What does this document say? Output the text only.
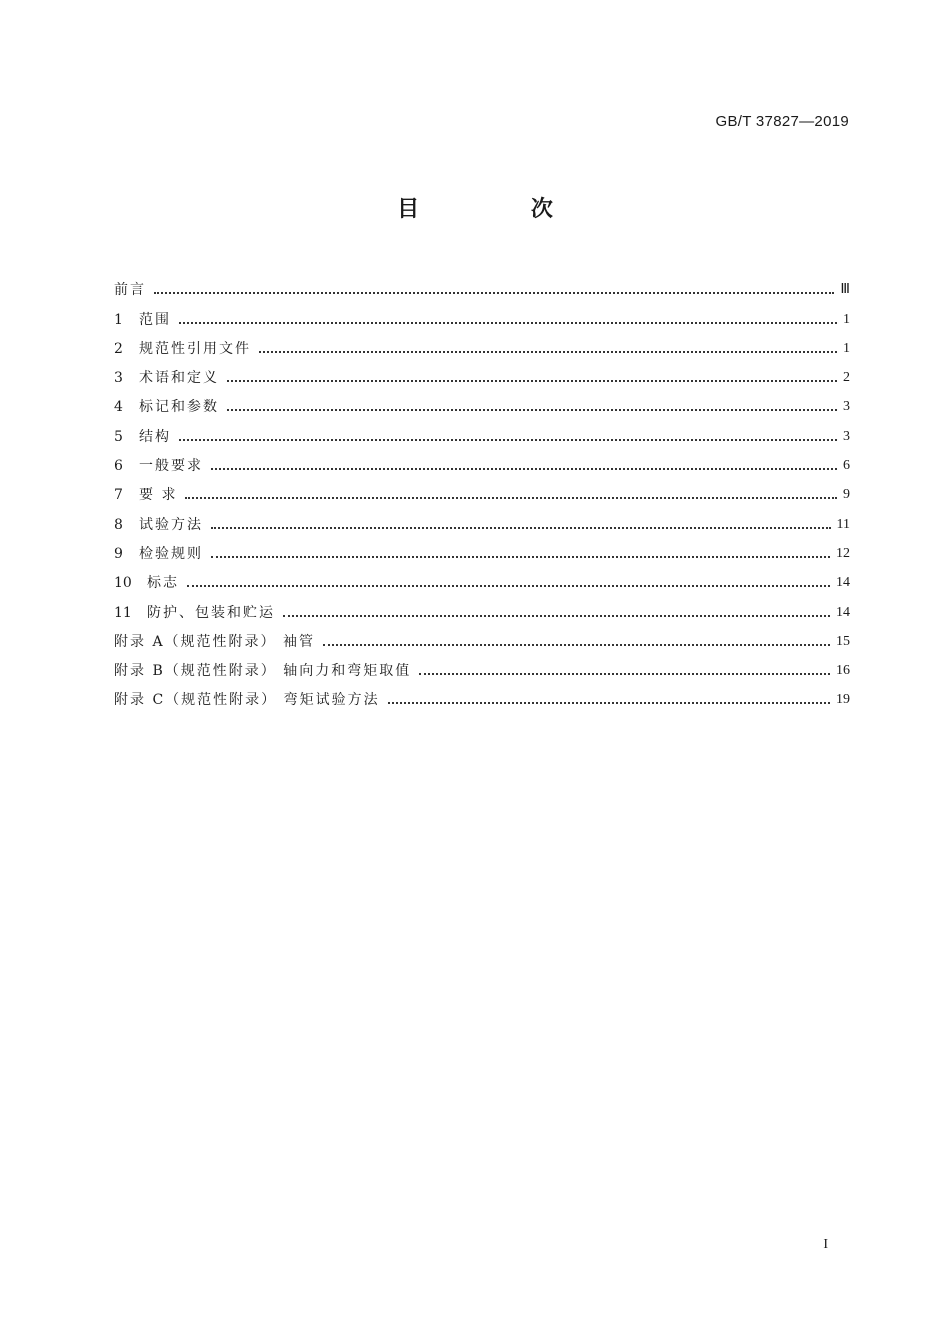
GB/T 37827—2019
目 次
前言	Ⅲ
1	范围	1
2	规范性引用文件	1
3	术语和定义	2
4	标记和参数	3
5	结构	3
6	一般要求	6
7	要 求	9
8	试验方法	11
9	检验规则	12
10	标志	14
11	防护、包装和贮运	14
附录 A（规范性附录） 袖管	15
附录 B（规范性附录） 轴向力和弯矩取值	16
附录 C（规范性附录） 弯矩试验方法	19
I
